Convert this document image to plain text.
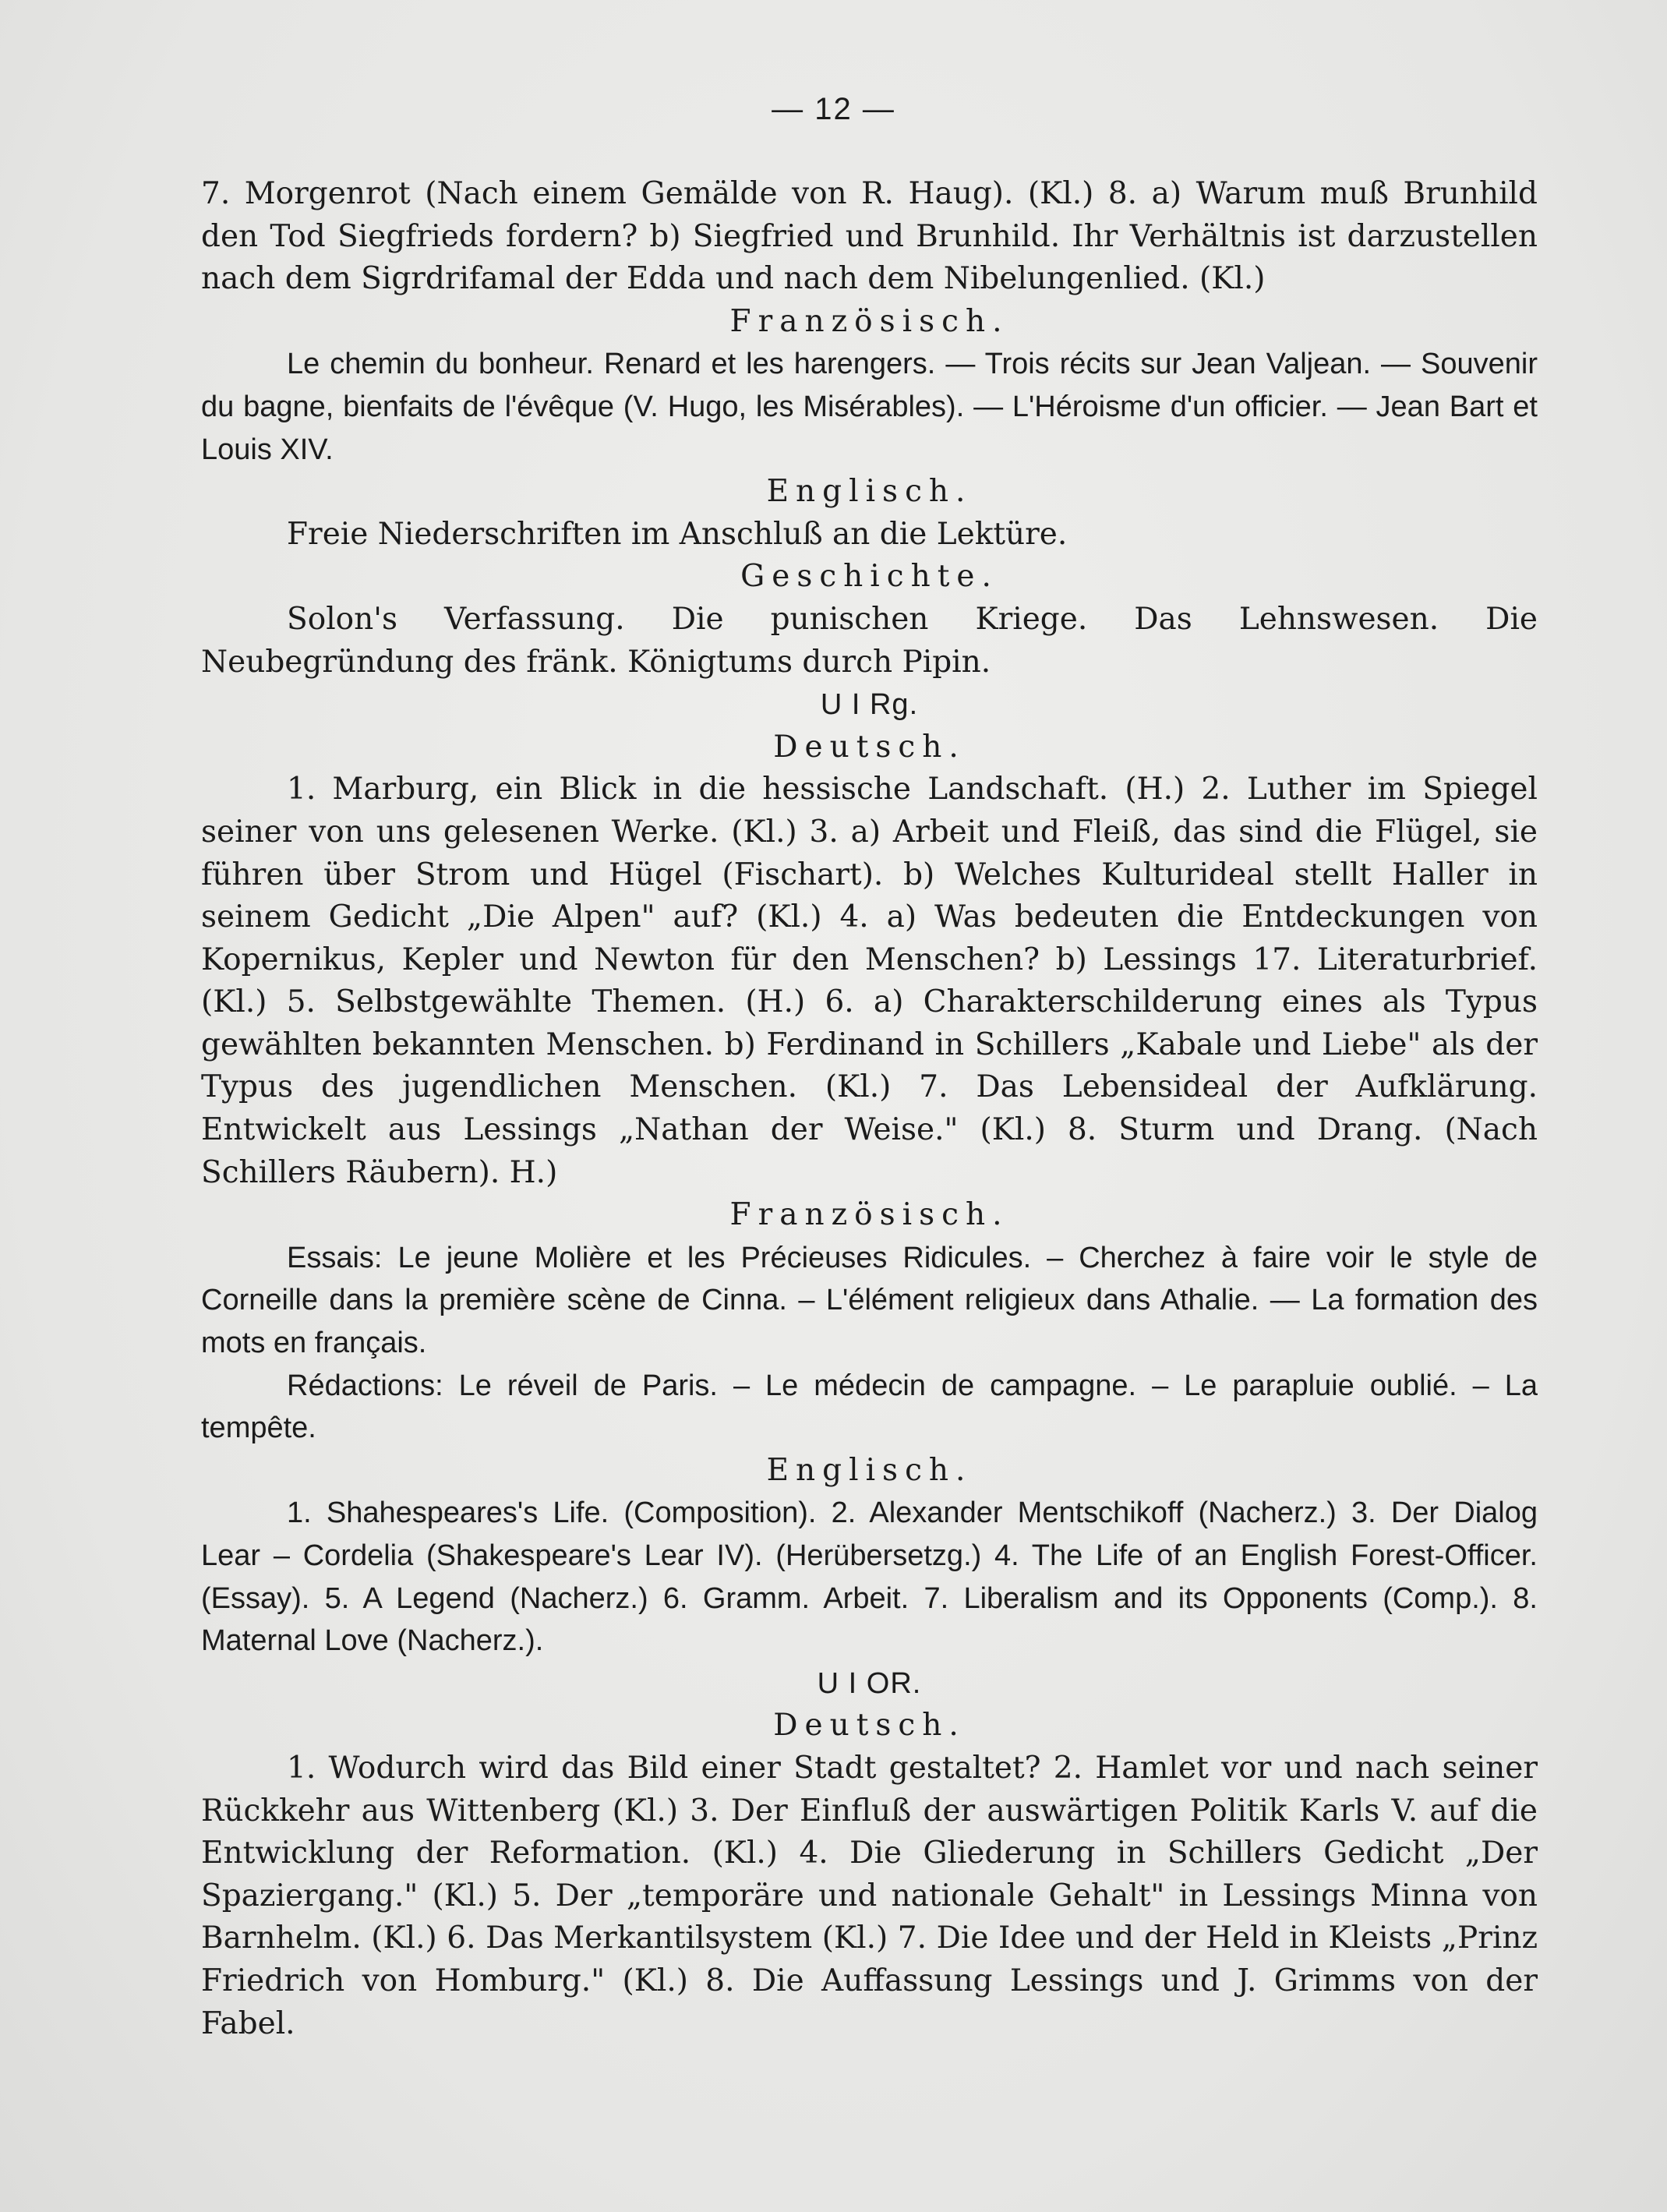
— 12 —

7. Morgenrot (Nach einem Gemälde von R. Haug). (Kl.) 8. a) Warum muß Brunhild den Tod Siegfrieds fordern? b) Siegfried und Brunhild. Ihr Verhältnis ist darzustellen nach dem Sigrdrifamal der Edda und nach dem Nibelungenlied. (Kl.)

Französisch.

Le chemin du bonheur. Renard et les harengers. — Trois récits sur Jean Valjean. — Souvenir du bagne, bienfaits de l'évêque (V. Hugo, les Misérables). — L'Héroisme d'un officier. — Jean Bart et Louis XIV.

Englisch.

Freie Niederschriften im Anschluß an die Lektüre.

Geschichte.

Solon's Verfassung. Die punischen Kriege. Das Lehnswesen. Die Neubegründung des fränk. Königtums durch Pipin.

U I Rg.

Deutsch.

1. Marburg, ein Blick in die hessische Landschaft. (H.) 2. Luther im Spiegel seiner von uns gelesenen Werke. (Kl.) 3. a) Arbeit und Fleiß, das sind die Flügel, sie führen über Strom und Hügel (Fischart). b) Welches Kulturideal stellt Haller in seinem Gedicht „Die Alpen" auf? (Kl.) 4. a) Was bedeuten die Entdeckungen von Kopernikus, Kepler und Newton für den Menschen? b) Lessings 17. Literaturbrief. (Kl.) 5. Selbstgewählte Themen. (H.) 6. a) Charakterschilderung eines als Typus gewählten bekannten Menschen. b) Ferdinand in Schillers „Kabale und Liebe" als der Typus des jugendlichen Menschen. (Kl.) 7. Das Lebensideal der Aufklärung. Entwickelt aus Lessings „Nathan der Weise." (Kl.) 8. Sturm und Drang. (Nach Schillers Räubern). H.)

Französisch.

Essais: Le jeune Molière et les Précieuses Ridicules. – Cherchez à faire voir le style de Corneille dans la première scène de Cinna. – L'élément religieux dans Athalie. — La formation des mots en français.

Rédactions: Le réveil de Paris. – Le médecin de campagne. – Le parapluie oublié. – La tempête.

Englisch.

1. Shahespeares's Life. (Composition). 2. Alexander Mentschikoff (Nacherz.) 3. Der Dialog Lear – Cordelia (Shakespeare's Lear IV). (Herübersetzg.) 4. The Life of an English Forest-Officer. (Essay). 5. A Legend (Nacherz.) 6. Gramm. Arbeit. 7. Liberalism and its Opponents (Comp.). 8. Maternal Love (Nacherz.).

U I OR.

Deutsch.

1. Wodurch wird das Bild einer Stadt gestaltet? 2. Hamlet vor und nach seiner Rückkehr aus Wittenberg (Kl.) 3. Der Einfluß der auswärtigen Politik Karls V. auf die Entwicklung der Reformation. (Kl.) 4. Die Gliederung in Schillers Gedicht „Der Spaziergang." (Kl.) 5. Der „temporäre und nationale Gehalt" in Lessings Minna von Barnhelm. (Kl.) 6. Das Merkantilsystem (Kl.) 7. Die Idee und der Held in Kleists „Prinz Friedrich von Homburg." (Kl.) 8. Die Auffassung Lessings und J. Grimms von der Fabel.
